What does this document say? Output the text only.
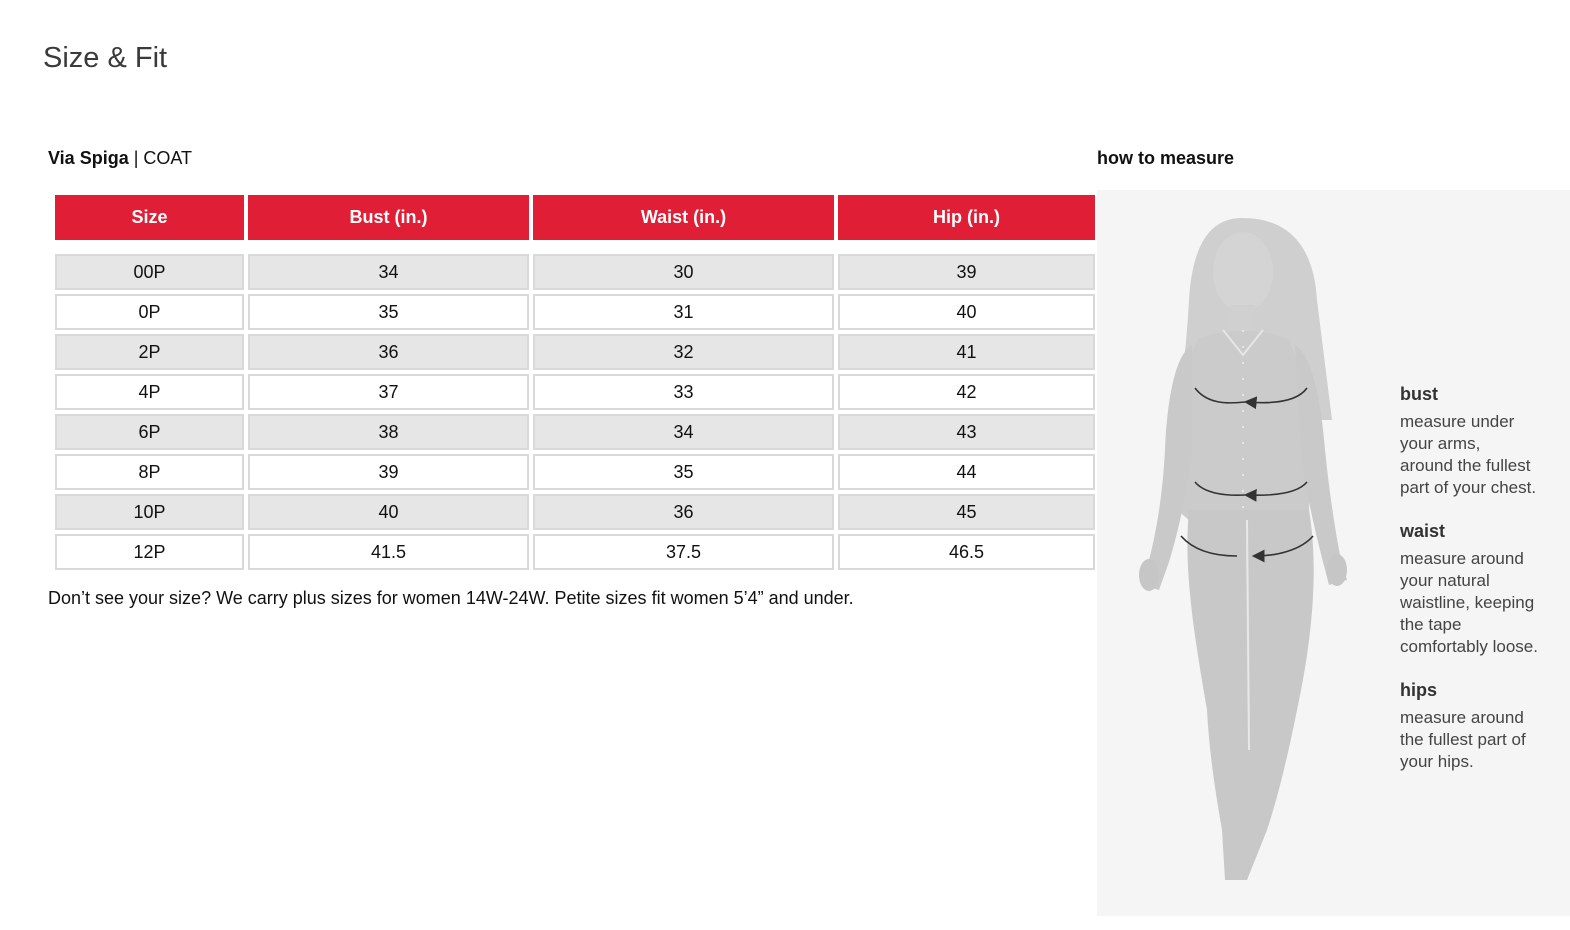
Size & Fit
Via Spiga | COAT	how to measure
Size	Bust (in.)	Waist (in.)	Hip (in.)

00P	34	30	39
0P	35	31	40
2P	36	32	41
4P	37	33	42
6P	38	34	43
8P	39	35	44
10P	40	36	45
12P	41.5	37.5	46.5
Don’t see your size? We carry plus sizes for women 14W-24W. Petite sizes fit women 5’4” and under.
bust
measure under
your arms,
around the fullest
part of your chest.
waist
measure around
your natural
waistline, keeping
the tape
comfortably loose.
hips
measure around
the fullest part of
your hips.
